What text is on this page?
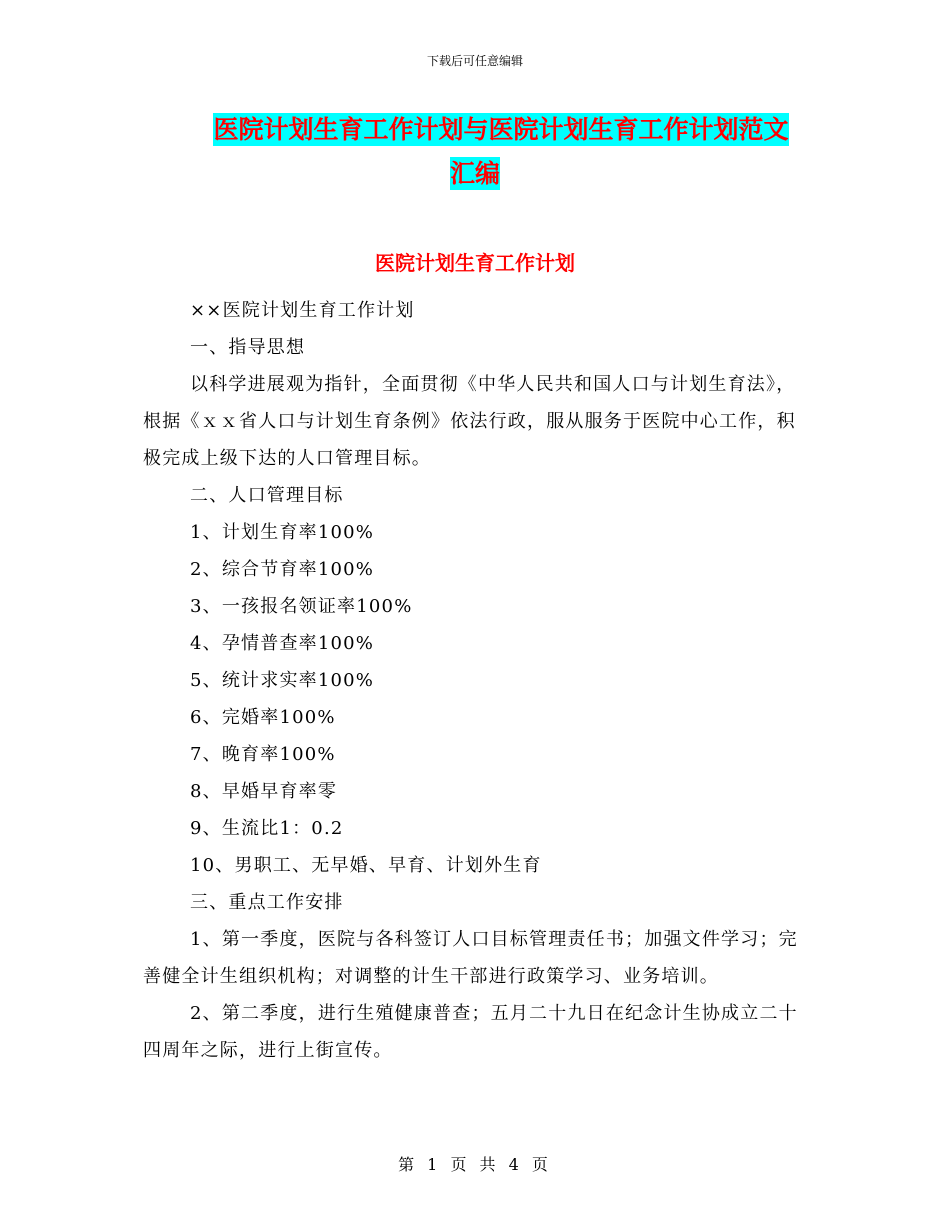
下载后可任意编辑
医院计划生育工作计划与医院计划生育工作计划范文
汇编
医院计划生育工作计划

××医院计划生育工作计划

一、指导思想

以科学进展观为指针，全面贯彻《中华人民共和国人口与计划生育法》，根据《ｘｘ省人口与计划生育条例》依法行政，服从服务于医院中心工作，积极完成上级下达的人口管理目标。

二、人口管理目标

1、计划生育率100%

2、综合节育率100%

3、一孩报名领证率100%

4、孕情普查率100%

5、统计求实率100%

6、完婚率100%

7、晚育率100%

8、早婚早育率零

9、生流比1：0.2

10、男职工、无早婚、早育、计划外生育

三、重点工作安排

1、第一季度，医院与各科签订人口目标管理责任书；加强文件学习；完善健全计生组织机构；对调整的计生干部进行政策学习、业务培训。

2、第二季度，进行生殖健康普查；五月二十九日在纪念计生协成立二十四周年之际，进行上街宣传。

第 1 页 共 4 页
